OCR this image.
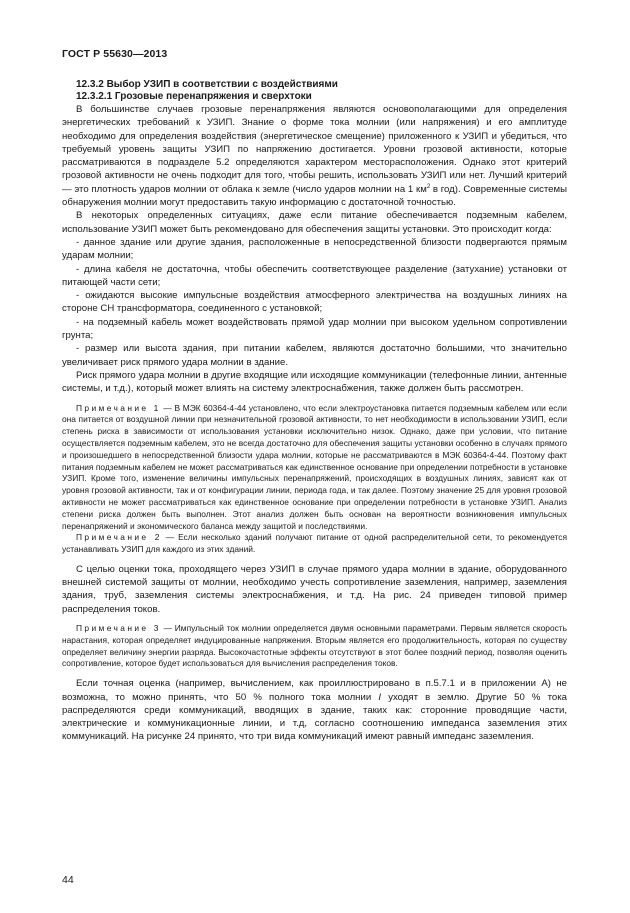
ГОСТ Р 55630—2013
12.3.2 Выбор УЗИП в соответствии с воздействиями
12.3.2.1 Грозовые перенапряжения и сверхтоки

В большинстве случаев грозовые перенапряжения являются основополагающими для определения энергетических требований к УЗИП. Знание о форме тока молнии (или напряжения) и его амплитуде необходимо для определения воздействия (энергетическое смещение) приложенного к УЗИП и убедиться, что требуемый уровень защиты УЗИП по напряжению достигается. Уровни грозовой активности, которые рассматриваются в подразделе 5.2 определяются характером месторасположения. Однако этот критерий грозовой активности не очень подходит для того, чтобы решить, использовать УЗИП или нет. Лучший критерий — это плотность ударов молнии от облака к земле (число ударов молнии на 1 $км^2$ в год). Современные системы обнаружения молнии могут предоставить такую информацию с достаточной точностью.

В некоторых определенных ситуациях, даже если питание обеспечивается подземным кабелем, использование УЗИП может быть рекомендовано для обеспечения защиты установки. Это происходит когда:

- данное здание или другие здания, расположенные в непосредственной близости подвергаются прямым ударам молнии;

- длина кабеля не достаточна, чтобы обеспечить соответствующее разделение (затухание) установки от питающей части сети;

- ожидаются высокие импульсные воздействия атмосферного электричества на воздушных линиях на стороне СН трансформатора, соединенного с установкой;

- на подземный кабель может воздействовать прямой удар молнии при высоком удельном сопротивлении грунта;

- размер или высота здания, при питании кабелем, являются достаточно большими, что значительно увеличивает риск прямого удара молнии в здание.

Риск прямого удара молнии в другие входящие или исходящие коммуникации (телефонные линии, антенные системы, и т.д.), который может влиять на систему электроснабжения, также должен быть рассмотрен.

Примечание 1 — В МЭК 60364-4-44 установлено, что если электроустановка питается подземным кабелем или если она питается от воздушной линии при незначительной грозовой активности, то нет необходимости в использовании УЗИП, если степень риска в зависимости от использования установки исключительно низок. Однако, даже при условии, что питание осуществляется подземным кабелем, это не всегда достаточно для обеспечения защиты установки особенно в случаях прямого и произошедшего в непосредственной близости удара молнии, которые не рассматриваются в МЭК 60364-4-44. Поэтому факт питания подземным кабелем не может рассматриваться как единственное основание при определении потребности в установке УЗИП. Кроме того, изменение величины импульсных перенапряжений, происходящих в воздушных линиях, зависят как от уровня грозовой активности, так и от конфигурации линии, периода года, и так далее. Поэтому значение 25 для уровня грозовой активности не может рассматриваться как единственное основание при определении потребности в установке УЗИП. Анализ степени риска должен быть выполнен. Этот анализ должен быть основан на вероятности возникновения импульсных перенапряжений и экономического баланса между защитой и последствиями.

Примечание 2 — Если несколько зданий получают питание от одной распределительной сети, то рекомендуется устанавливать УЗИП для каждого из этих зданий.

С целью оценки тока, проходящего через УЗИП в случае прямого удара молнии в здание, оборудованного внешней системой защиты от молнии, необходимо учесть сопротивление заземления, например, заземления здания, труб, заземления системы электроснабжения, и т.д. На рис. 24 приведен типовой пример распределения токов.

Примечание 3 — Импульсный ток молнии определяется двумя основными параметрами. Первым является скорость нарастания, которая определяет индуцированные напряжения. Вторым является его продолжительность, которая по существу определяет величину энергии разряда. Высокочастотные эффекты отсутствуют в этот более поздний период, позволяя оценить сопротивление, которое будет использоваться для вычисления распределения токов.

Если точная оценка (например, вычислением, как проиллюстрировано в п.5.7.1 и в приложении А) не возможна, то можно принять, что 50 % полного тока молнии I уходят в землю. Другие 50 % тока распределяются среди коммуникаций, вводящих в здание, таких как: сторонние проводящие части, электрические и коммуникационные линии, и т.д, согласно соотношению импеданса заземления этих коммуникаций. На рисунке 24 принято, что три вида коммуникаций имеют равный импеданс заземления.

44
